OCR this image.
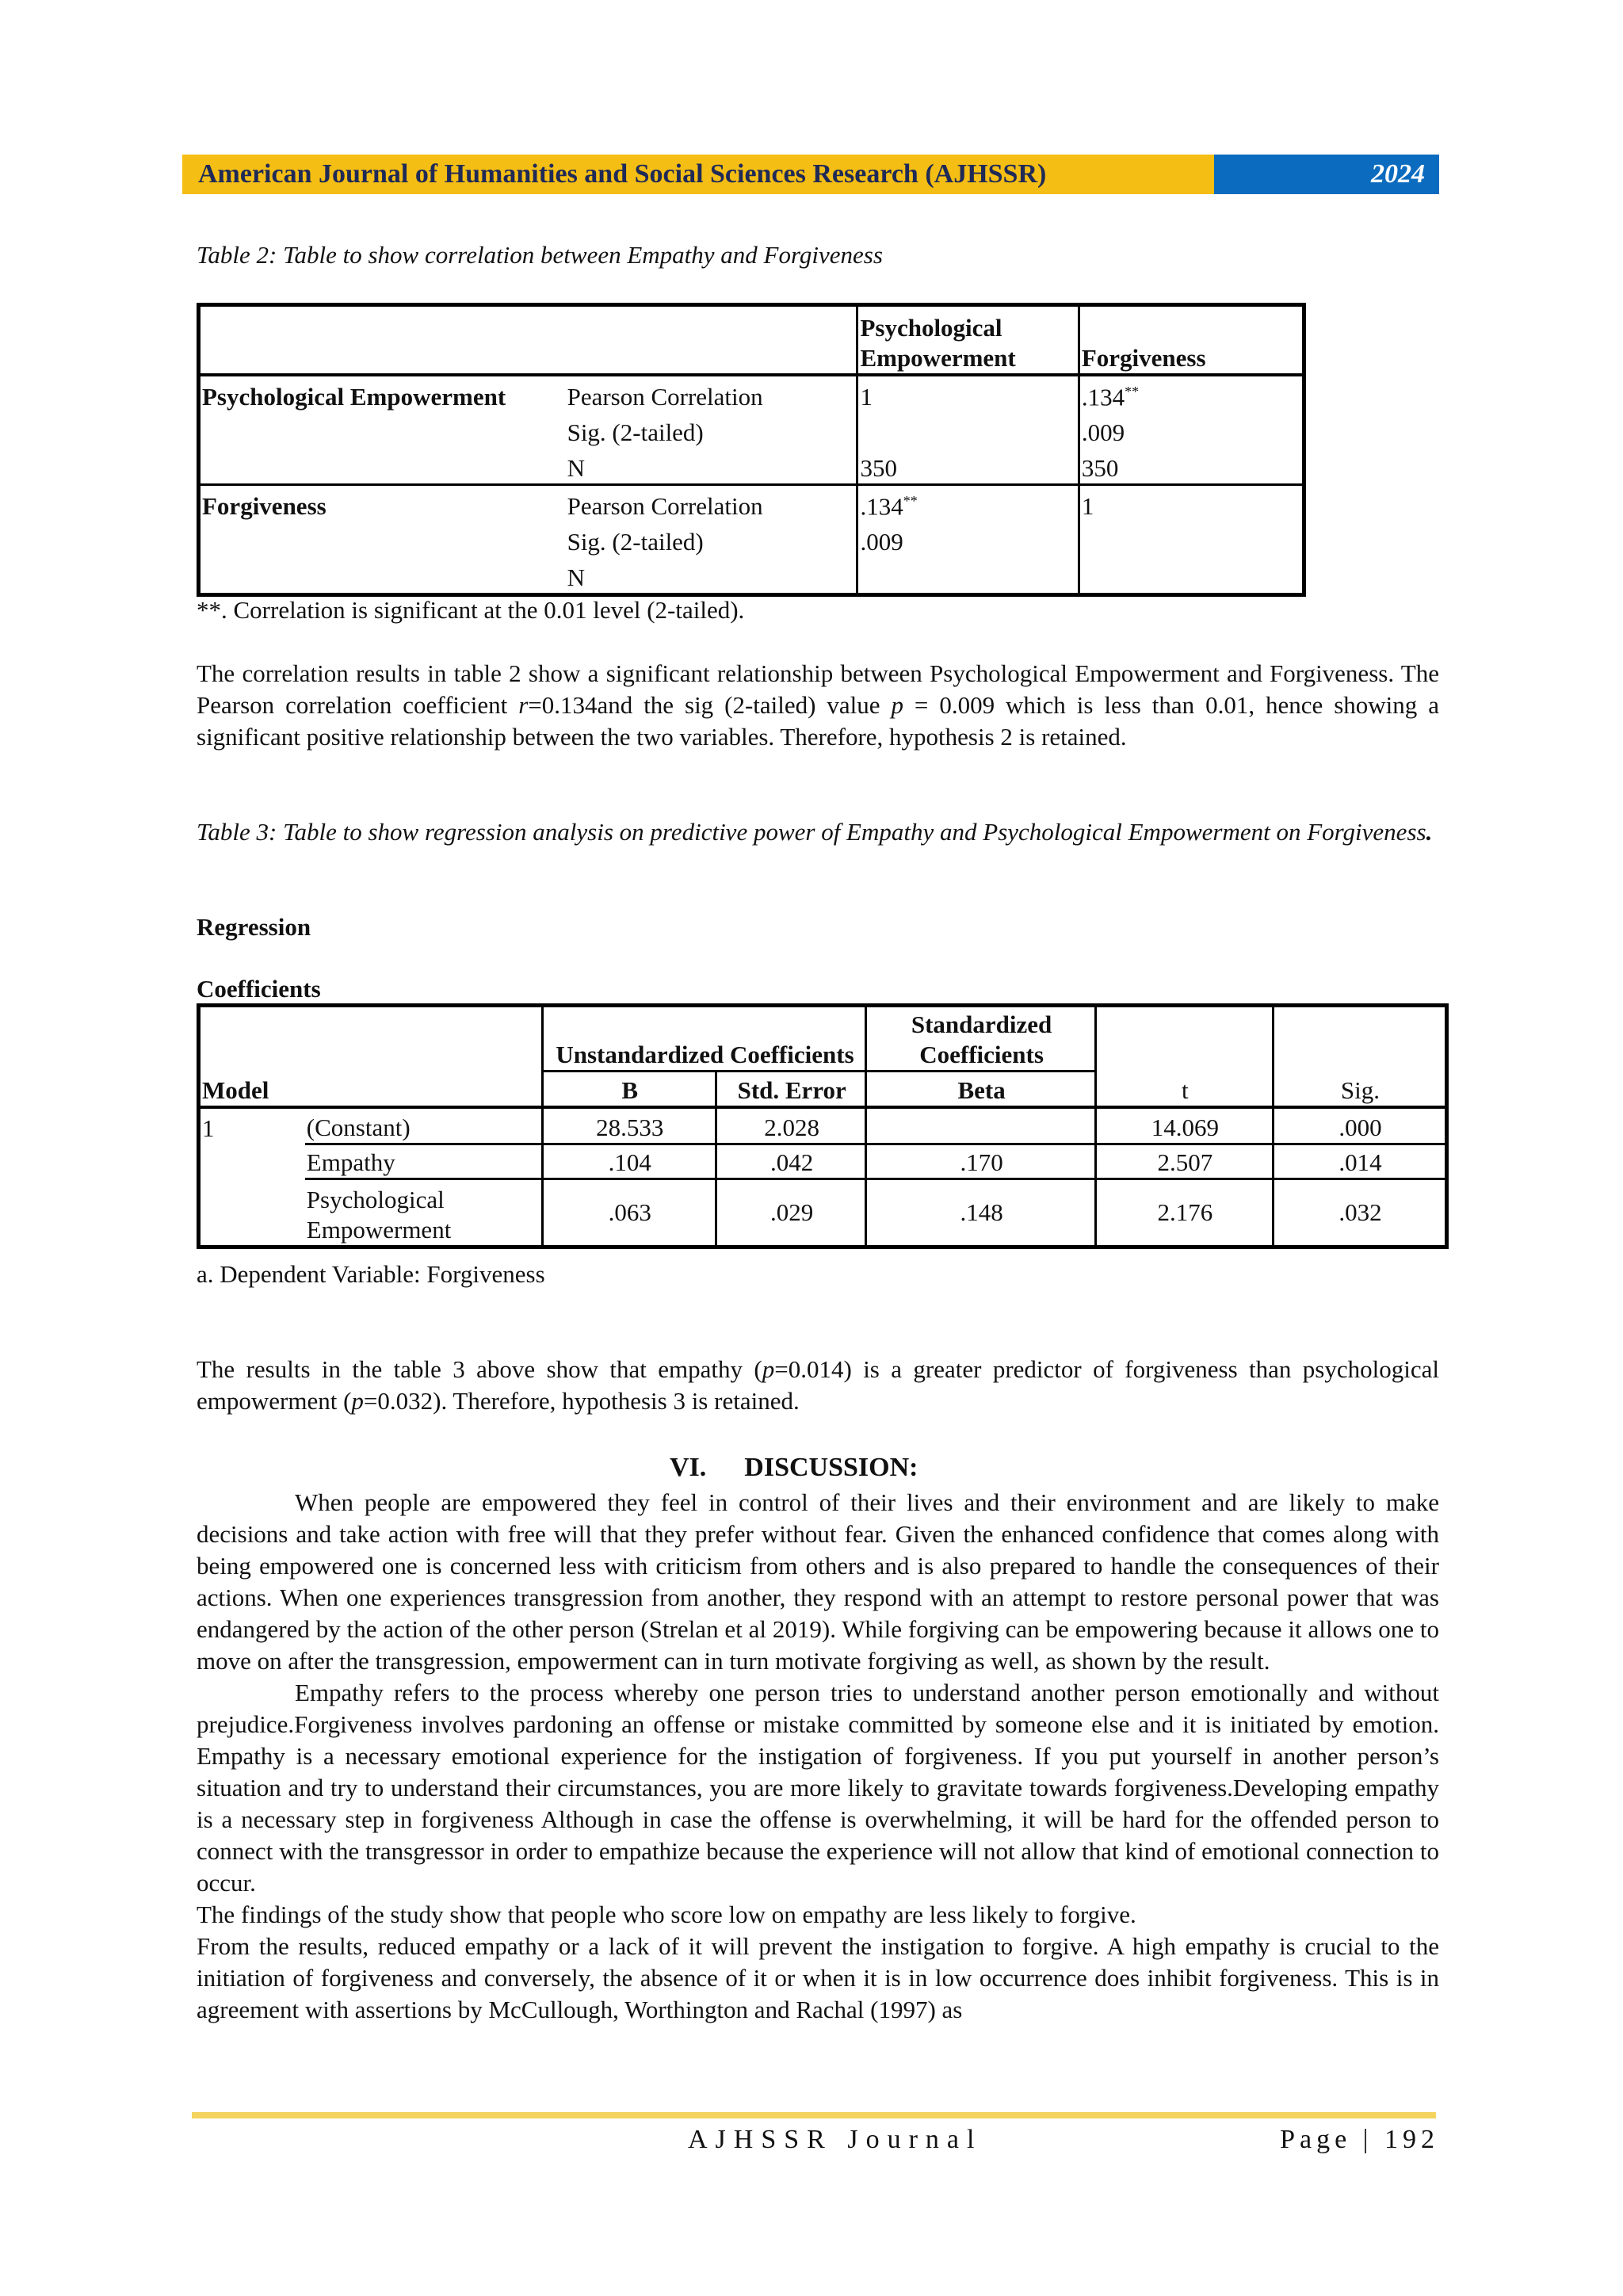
American Journal of Humanities and Social Sciences Research (AJHSSR)	2024

Table 2: Table to show correlation between Empathy and Forgiveness

		Psychological
Empowerment	Forgiveness
Psychological Empowerment	Pearson Correlation	1	.134**
	Sig. (2-tailed)		.009
	N	350	350
Forgiveness	Pearson Correlation	.134**	1
	Sig. (2-tailed)	.009	
	N		
**. Correlation is significant at the 0.01 level (2-tailed).

The correlation results in table 2 show a significant relationship between Psychological Empowerment and Forgiveness. The Pearson correlation coefficient r=0.134and the sig (2-tailed) value p = 0.009 which is less than 0.01, hence showing a significant positive relationship between the two variables. Therefore, hypothesis 2 is retained.

Table 3: Table to show regression analysis on predictive power of Empathy and Psychological Empowerment on Forgiveness.

Regression
Coefficients
		Unstandardized Coefficients		Standardized
Coefficients		
Model		B	Std. Error	Beta	t	Sig.
1	(Constant)	28.533	2.028		14.069	.000
	Empathy	.104	.042	.170	2.507	.014
	Psychological
Empowerment	.063	.029	.148	2.176	.032
a. Dependent Variable: Forgiveness

The results in the table 3 above show that empathy (p=0.014) is a greater predictor of forgiveness than psychological empowerment (p=0.032). Therefore, hypothesis 3 is retained.

VI. DISCUSSION:

When people are empowered they feel in control of their lives and their environment and are likely to make decisions and take action with free will that they prefer without fear. Given the enhanced confidence that comes along with being empowered one is concerned less with criticism from others and is also prepared to handle the consequences of their actions. When one experiences transgression from another, they respond with an attempt to restore personal power that was endangered by the action of the other person (Strelan et al 2019). While forgiving can be empowering because it allows one to move on after the transgression, empowerment can in turn motivate forgiving as well, as shown by the result.

Empathy refers to the process whereby one person tries to understand another person emotionally and without prejudice.Forgiveness involves pardoning an offense or mistake committed by someone else and it is initiated by emotion. Empathy is a necessary emotional experience for the instigation of forgiveness. If you put yourself in another person’s situation and try to understand their circumstances, you are more likely to gravitate towards forgiveness.Developing empathy is a necessary step in forgiveness Although in case the offense is overwhelming, it will be hard for the offended person to connect with the transgressor in order to empathize because the experience will not allow that kind of emotional connection to occur.

The findings of the study show that people who score low on empathy are less likely to forgive.

From the results, reduced empathy or a lack of it will prevent the instigation to forgive. A high empathy is crucial to the initiation of forgiveness and conversely, the absence of it or when it is in low occurrence does inhibit forgiveness. This is in agreement with assertions by McCullough, Worthington and Rachal (1997) as

AJHSSR Journal	Page | 192
